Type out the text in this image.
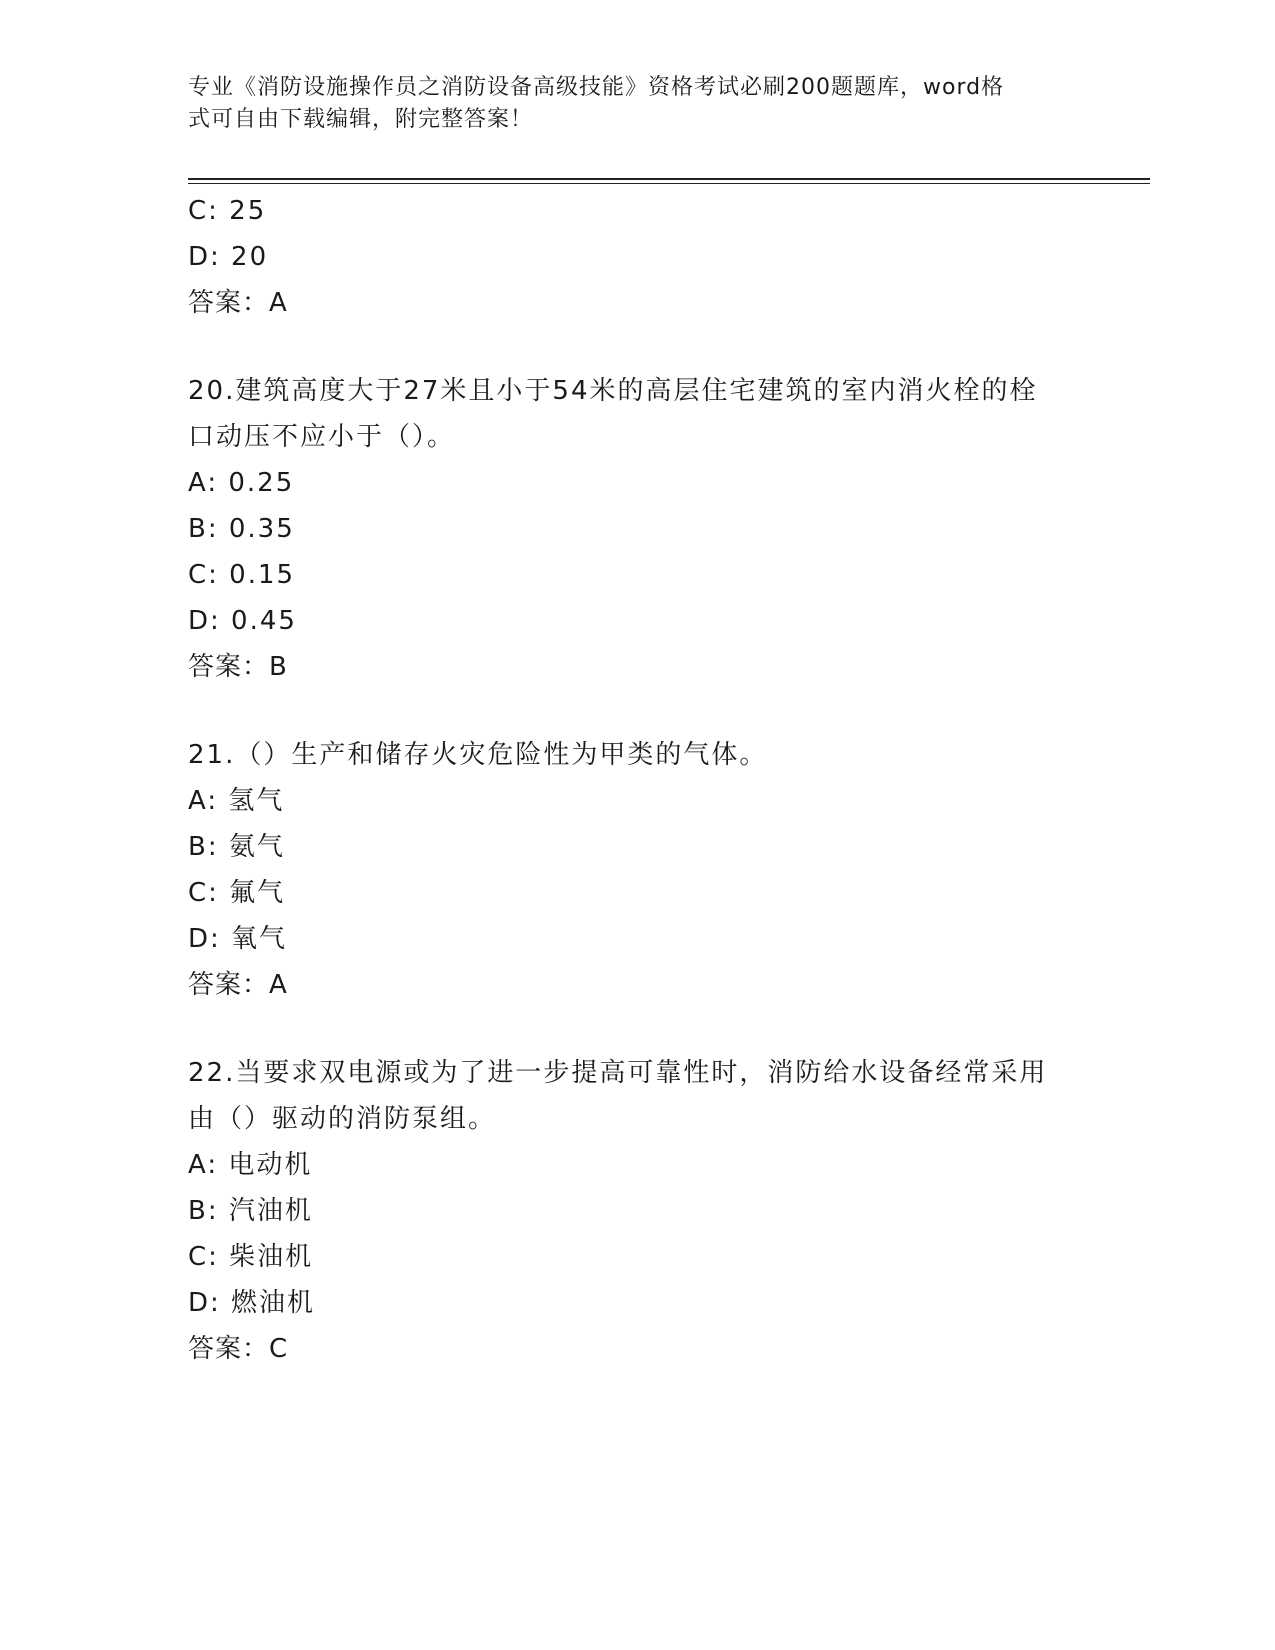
专业《消防设施操作员之消防设备高级技能》资格考试必刷200题题库，word格
式可自由下载编辑，附完整答案！
C: 25
D: 20
答案：A
20.建筑高度大于27米且小于54米的高层住宅建筑的室内消火栓的栓
口动压不应小于（）。
A: 0.25
B: 0.35
C: 0.15
D: 0.45
答案：B
21.（）生产和储存火灾危险性为甲类的气体。
A: 氢气
B: 氨气
C: 氟气
D: 氧气
答案：A
22.当要求双电源或为了进一步提高可靠性时，消防给水设备经常采用
由（）驱动的消防泵组。
A: 电动机
B: 汽油机
C: 柴油机
D: 燃油机
答案：C
